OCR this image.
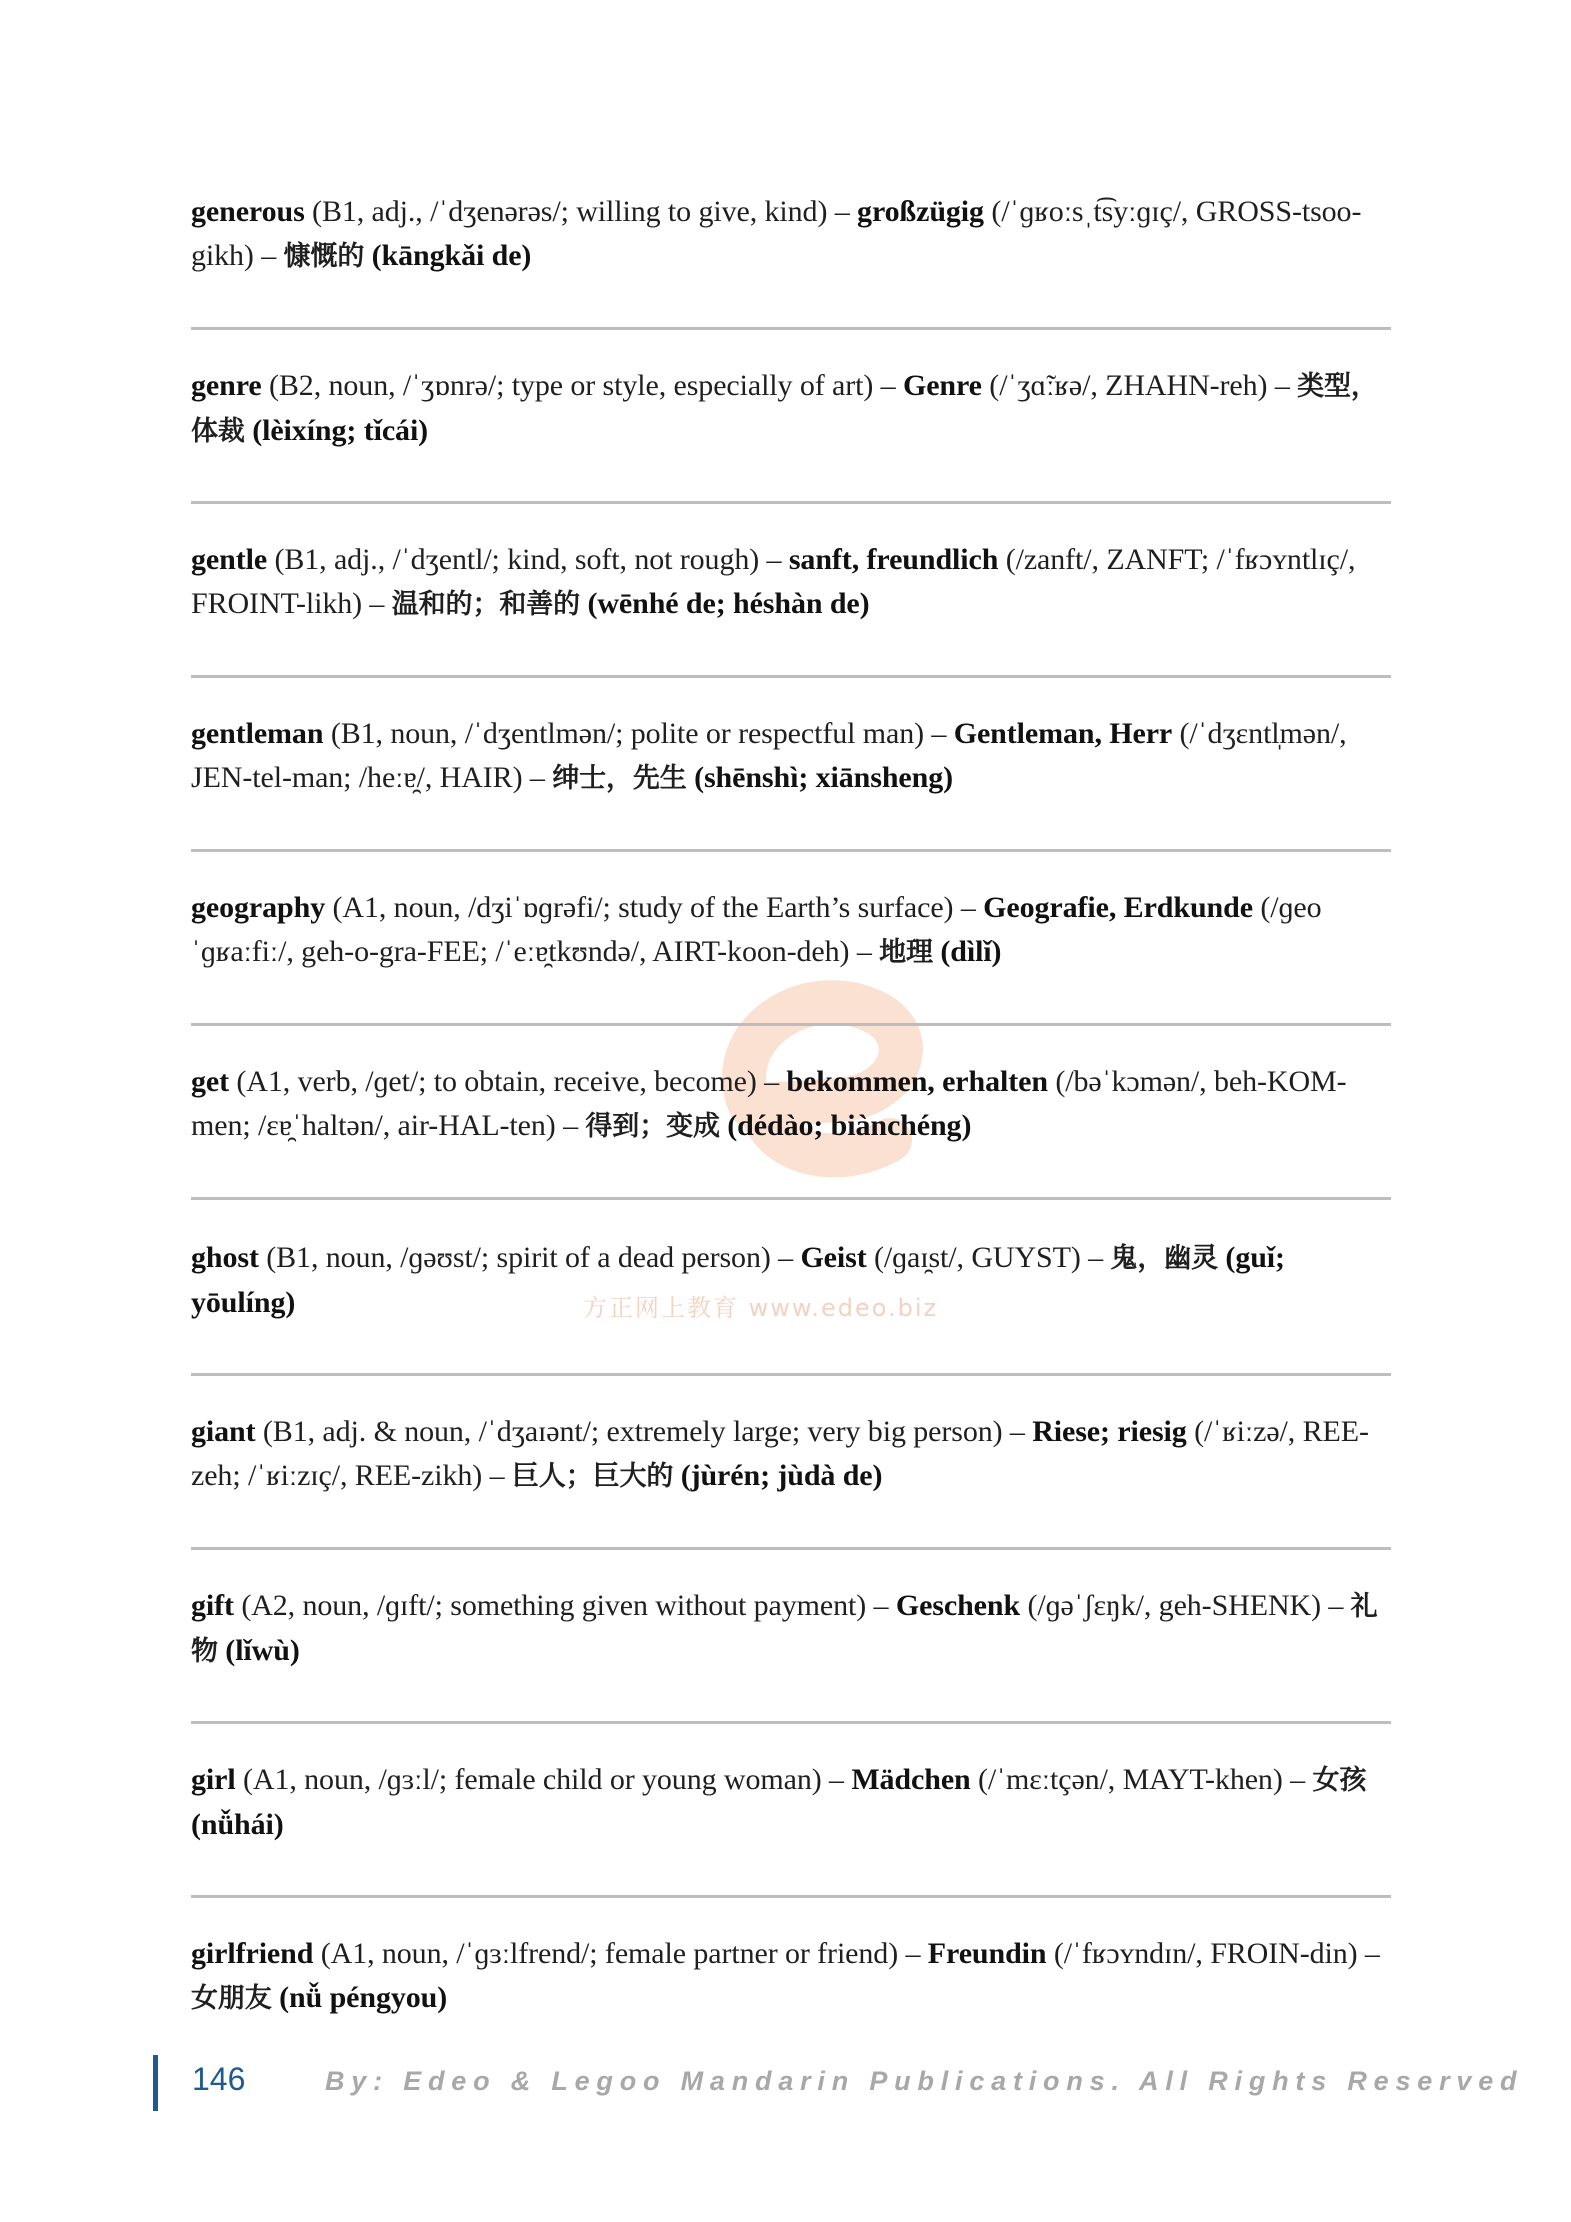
方正网上教育 www.edeo.biz
generous (B1, adj., /ˈdʒenərəs/; willing to give, kind) – großzügig (/ˈɡʁoːsˌt͡syːɡɪç/, GROSS-tsoo-gikh) – 慷慨的 (kāngkǎi de)
genre (B2, noun, /ˈʒɒnrə/; type or style, especially of art) – Genre (/ˈʒɑ̃ːʁə/, ZHAHN-reh) – 类型，体裁 (lèixíng; tǐcái)
gentle (B1, adj., /ˈdʒentl/; kind, soft, not rough) – sanft, freundlich (/zanft/, ZANFT; /ˈfʁɔʏntlɪç/, FROINT-likh) – 温和的；和善的 (wēnhé de; héshàn de)
gentleman (B1, noun, /ˈdʒentlmən/; polite or respectful man) – Gentleman, Herr (/ˈdʒɛntl̩mən/, JEN-tel-man; /heːɐ̯/, HAIR) – 绅士，先生 (shēnshì; xiānsheng)
geography (A1, noun, /dʒiˈɒɡrəfi/; study of the Earth’s surface) – Geografie, Erdkunde (/ɡeoˈɡʁaːfiː/, geh-o-gra-FEE; /ˈeːɐ̯tkʊndə/, AIRT-koon-deh) – 地理 (dìlǐ)
get (A1, verb, /ɡet/; to obtain, receive, become) – bekommen, erhalten (/bəˈkɔmən/, beh-KOM-men; /ɛɐ̯ˈhaltən/, air-HAL-ten) – 得到；变成 (dédào; biànchéng)
ghost (B1, noun, /ɡəʊst/; spirit of a dead person) – Geist (/ɡaɪ̯st/, GUYST) – 鬼，幽灵 (guǐ; yōulíng)
giant (B1, adj. & noun, /ˈdʒaɪənt/; extremely large; very big person) – Riese; riesig (/ˈʁiːzə/, REE-zeh; /ˈʁiːzɪç/, REE-zikh) – 巨人；巨大的 (jùrén; jùdà de)
gift (A2, noun, /ɡɪft/; something given without payment) – Geschenk (/ɡəˈʃɛŋk/, geh-SHENK) – 礼物 (lǐwù)
girl (A1, noun, /ɡɜːl/; female child or young woman) – Mädchen (/ˈmɛːtçən/, MAYT-khen) – 女孩 (nǚhái)
girlfriend (A1, noun, /ˈɡɜːlfrend/; female partner or friend) – Freundin (/ˈfʁɔʏndɪn/, FROIN-din) – 女朋友 (nǚ péngyou)
146	By: Edeo & Legoo Mandarin Publications. All Rights Reserved
